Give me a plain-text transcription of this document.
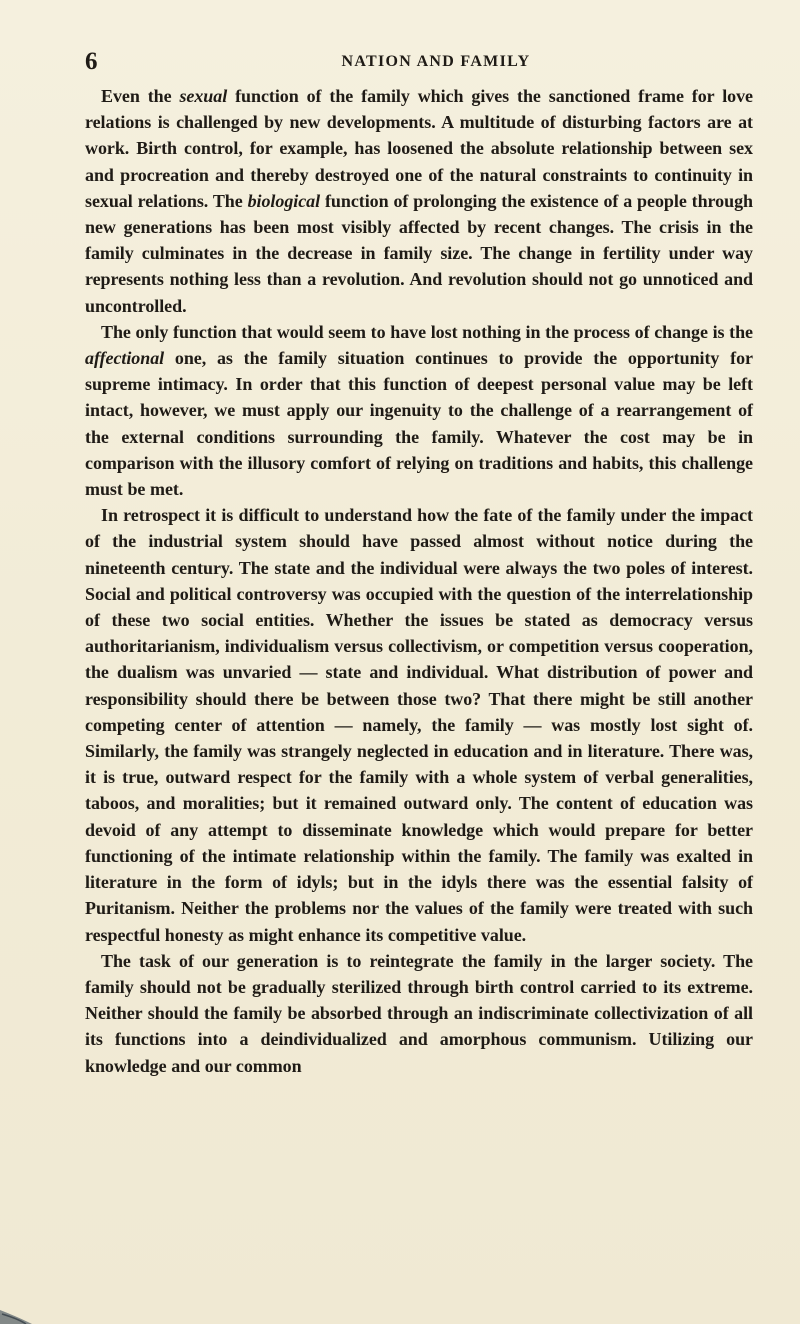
6	NATION AND FAMILY

Even the sexual function of the family which gives the sanctioned frame for love relations is challenged by new developments. A multitude of disturbing factors are at work. Birth control, for example, has loosened the absolute relationship between sex and procreation and thereby destroyed one of the natural constraints to continuity in sexual relations. The biological function of prolonging the existence of a people through new generations has been most visibly affected by recent changes. The crisis in the family culminates in the decrease in family size. The change in fertility under way represents nothing less than a revolution. And revolution should not go unnoticed and uncontrolled.

The only function that would seem to have lost nothing in the process of change is the affectional one, as the family situation continues to provide the opportunity for supreme intimacy. In order that this function of deepest personal value may be left intact, however, we must apply our ingenuity to the challenge of a rearrangement of the external conditions surrounding the family. Whatever the cost may be in comparison with the illusory comfort of relying on traditions and habits, this challenge must be met.

In retrospect it is difficult to understand how the fate of the family under the impact of the industrial system should have passed almost without notice during the nineteenth century. The state and the individual were always the two poles of interest. Social and political controversy was occupied with the question of the interrelationship of these two social entities. Whether the issues be stated as democracy versus authoritarianism, individualism versus collectivism, or competition versus cooperation, the dualism was unvaried — state and individual. What distribution of power and responsibility should there be between those two? That there might be still another competing center of attention — namely, the family — was mostly lost sight of. Similarly, the family was strangely neglected in education and in literature. There was, it is true, outward respect for the family with a whole system of verbal generalities, taboos, and moralities; but it remained outward only. The content of education was devoid of any attempt to disseminate knowledge which would prepare for better functioning of the intimate relationship within the family. The family was exalted in literature in the form of idyls; but in the idyls there was the essential falsity of Puritanism. Neither the problems nor the values of the family were treated with such respectful honesty as might enhance its competitive value.

The task of our generation is to reintegrate the family in the larger society. The family should not be gradually sterilized through birth control carried to its extreme. Neither should the family be absorbed through an indiscriminate collectivization of all its functions into a deindividualized and amorphous communism. Utilizing our knowledge and our common
